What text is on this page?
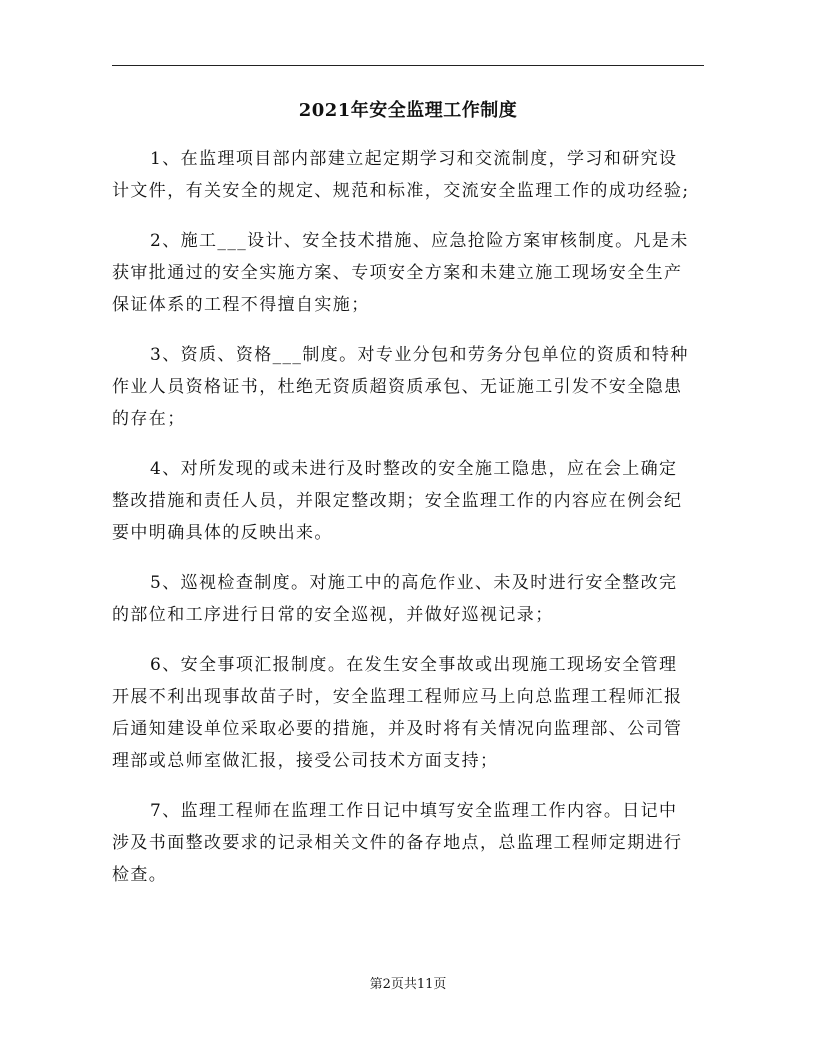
2021年安全监理工作制度

1、在监理项目部内部建立起定期学习和交流制度，学习和研究设
计文件，有关安全的规定、规范和标准，交流安全监理工作的成功经验;

2、施工___设计、安全技术措施、应急抢险方案审核制度。凡是未
获审批通过的安全实施方案、专项安全方案和未建立施工现场安全生产
保证体系的工程不得擅自实施；

3、资质、资格___制度。对专业分包和劳务分包单位的资质和特种
作业人员资格证书，杜绝无资质超资质承包、无证施工引发不安全隐患
的存在；

4、对所发现的或未进行及时整改的安全施工隐患，应在会上确定
整改措施和责任人员，并限定整改期；安全监理工作的内容应在例会纪
要中明确具体的反映出来。

5、巡视检查制度。对施工中的高危作业、未及时进行安全整改完
的部位和工序进行日常的安全巡视，并做好巡视记录；

6、安全事项汇报制度。在发生安全事故或出现施工现场安全管理
开展不利出现事故苗子时，安全监理工程师应马上向总监理工程师汇报
后通知建设单位采取必要的措施，并及时将有关情况向监理部、公司管
理部或总师室做汇报，接受公司技术方面支持；

7、监理工程师在监理工作日记中填写安全监理工作内容。日记中
涉及书面整改要求的记录相关文件的备存地点，总监理工程师定期进行
检查。

第2页共11页
